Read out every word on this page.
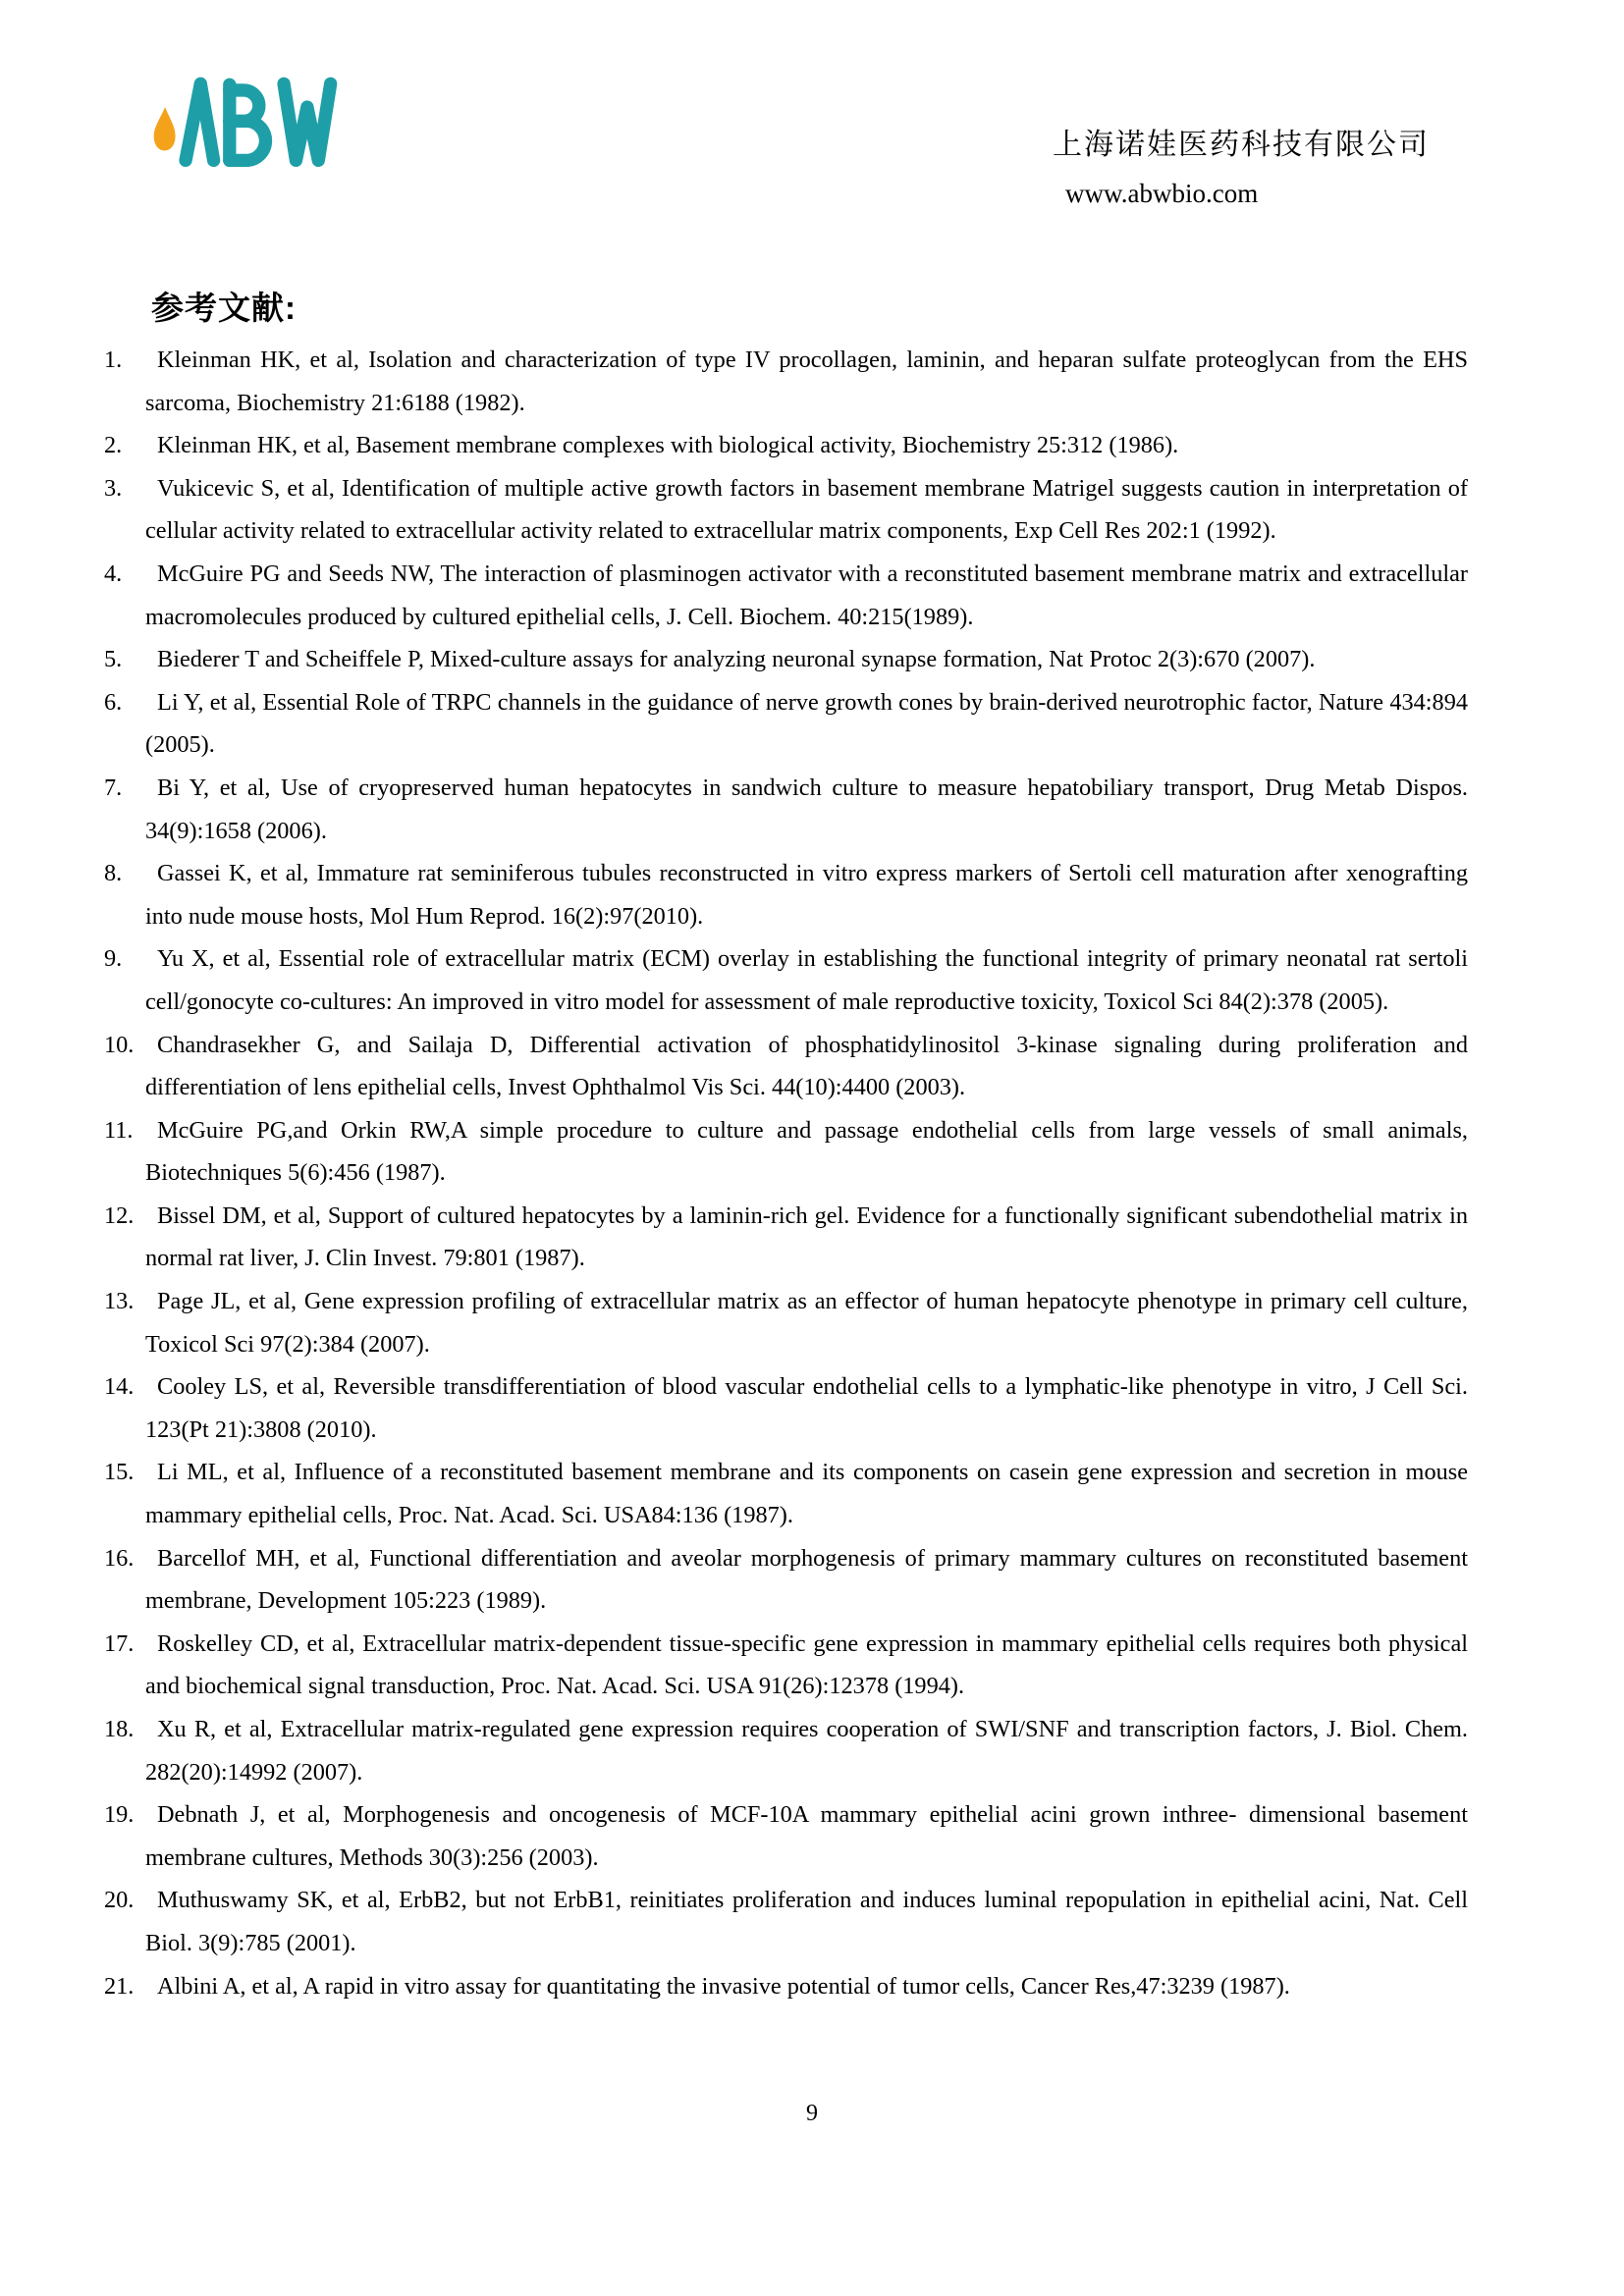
上海诺娃医药科技有限公司
www.abwbio.com
参考文献:
1. Kleinman HK, et al, Isolation and characterization of type IV procollagen, laminin, and heparan sulfate proteoglycan from the EHS sarcoma, Biochemistry 21:6188 (1982).
2. Kleinman HK, et al, Basement membrane complexes with biological activity, Biochemistry 25:312 (1986).
3. Vukicevic S, et al, Identification of multiple active growth factors in basement membrane Matrigel suggests caution in interpretation of cellular activity related to extracellular activity related to extracellular matrix components, Exp Cell Res 202:1 (1992).
4. McGuire PG and Seeds NW, The interaction of plasminogen activator with a reconstituted basement membrane matrix and extracellular macromolecules produced by cultured epithelial cells, J. Cell. Biochem. 40:215(1989).
5. Biederer T and Scheiffele P, Mixed-culture assays for analyzing neuronal synapse formation, Nat Protoc 2(3):670 (2007).
6. Li Y, et al, Essential Role of TRPC channels in the guidance of nerve growth cones by brain-derived neurotrophic factor, Nature 434:894 (2005).
7. Bi Y, et al, Use of cryopreserved human hepatocytes in sandwich culture to measure hepatobiliary transport, Drug Metab Dispos. 34(9):1658 (2006).
8. Gassei K, et al, Immature rat seminiferous tubules reconstructed in vitro express markers of Sertoli cell maturation after xenografting into nude mouse hosts, Mol Hum Reprod. 16(2):97(2010).
9. Yu X, et al, Essential role of extracellular matrix (ECM) overlay in establishing the functional integrity of primary neonatal rat sertoli cell/gonocyte co-cultures: An improved in vitro model for assessment of male reproductive toxicity, Toxicol Sci 84(2):378 (2005).
10. Chandrasekher G, and Sailaja D, Differential activation of phosphatidylinositol 3-kinase signaling during proliferation and differentiation of lens epithelial cells, Invest Ophthalmol Vis Sci. 44(10):4400 (2003).
11. McGuire PG,and Orkin RW,A simple procedure to culture and passage endothelial cells from large vessels of small animals, Biotechniques 5(6):456 (1987).
12. Bissel DM, et al, Support of cultured hepatocytes by a laminin-rich gel. Evidence for a functionally significant subendothelial matrix in normal rat liver, J. Clin Invest. 79:801 (1987).
13. Page JL, et al, Gene expression profiling of extracellular matrix as an effector of human hepatocyte phenotype in primary cell culture, Toxicol Sci 97(2):384 (2007).
14. Cooley LS, et al, Reversible transdifferentiation of blood vascular endothelial cells to a lymphatic-like phenotype in vitro, J Cell Sci. 123(Pt 21):3808 (2010).
15. Li ML, et al, Influence of a reconstituted basement membrane and its components on casein gene expression and secretion in mouse mammary epithelial cells, Proc. Nat. Acad. Sci. USA84:136 (1987).
16. Barcellof MH, et al, Functional differentiation and aveolar morphogenesis of primary mammary cultures on reconstituted basement membrane, Development 105:223 (1989).
17. Roskelley CD, et al, Extracellular matrix-dependent tissue-specific gene expression in mammary epithelial cells requires both physical and biochemical signal transduction, Proc. Nat. Acad. Sci. USA 91(26):12378 (1994).
18. Xu R, et al, Extracellular matrix-regulated gene expression requires cooperation of SWI/SNF and transcription factors, J. Biol. Chem. 282(20):14992 (2007).
19. Debnath J, et al, Morphogenesis and oncogenesis of MCF-10A mammary epithelial acini grown inthree- dimensional basement membrane cultures, Methods 30(3):256 (2003).
20. Muthuswamy SK, et al, ErbB2, but not ErbB1, reinitiates proliferation and induces luminal repopulation in epithelial acini, Nat. Cell Biol. 3(9):785 (2001).
21. Albini A, et al, A rapid in vitro assay for quantitating the invasive potential of tumor cells, Cancer Res,47:3239 (1987).
9
